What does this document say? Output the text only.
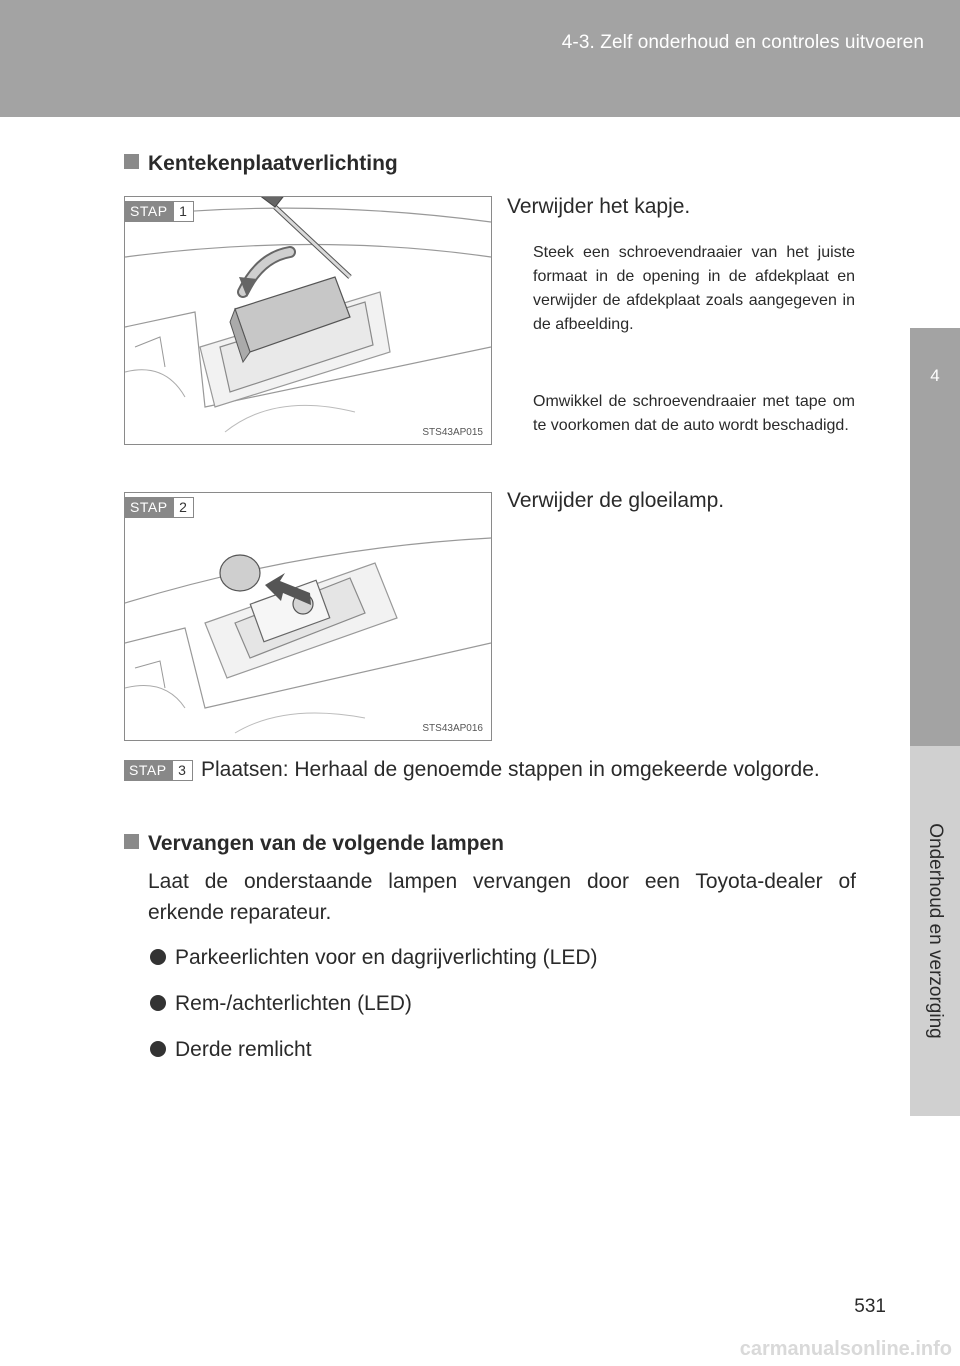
4-3. Zelf onderhoud en controles uitvoeren
4
Onderhoud en verzorging
Kentekenplaatverlichting
STAP 1
STS43AP015
Verwijder het kapje.
Steek een schroevendraaier van het juiste formaat in de opening in de afdekplaat en verwijder de afdekplaat zoals aangegeven in de afbeelding.
Omwikkel de schroevendraaier met tape om te voorkomen dat de auto wordt beschadigd.
STAP 2
STS43AP016
Verwijder de gloeilamp.
STAP 3 Plaatsen: Herhaal de genoemde stappen in omgekeerde volgorde.
Vervangen van de volgende lampen
Laat de onderstaande lampen vervangen door een Toyota-dealer of erkende reparateur.
Parkeerlichten voor en dagrijverlichting (LED)
Rem-/achterlichten (LED)
Derde remlicht
531
carmanualsonline.info
